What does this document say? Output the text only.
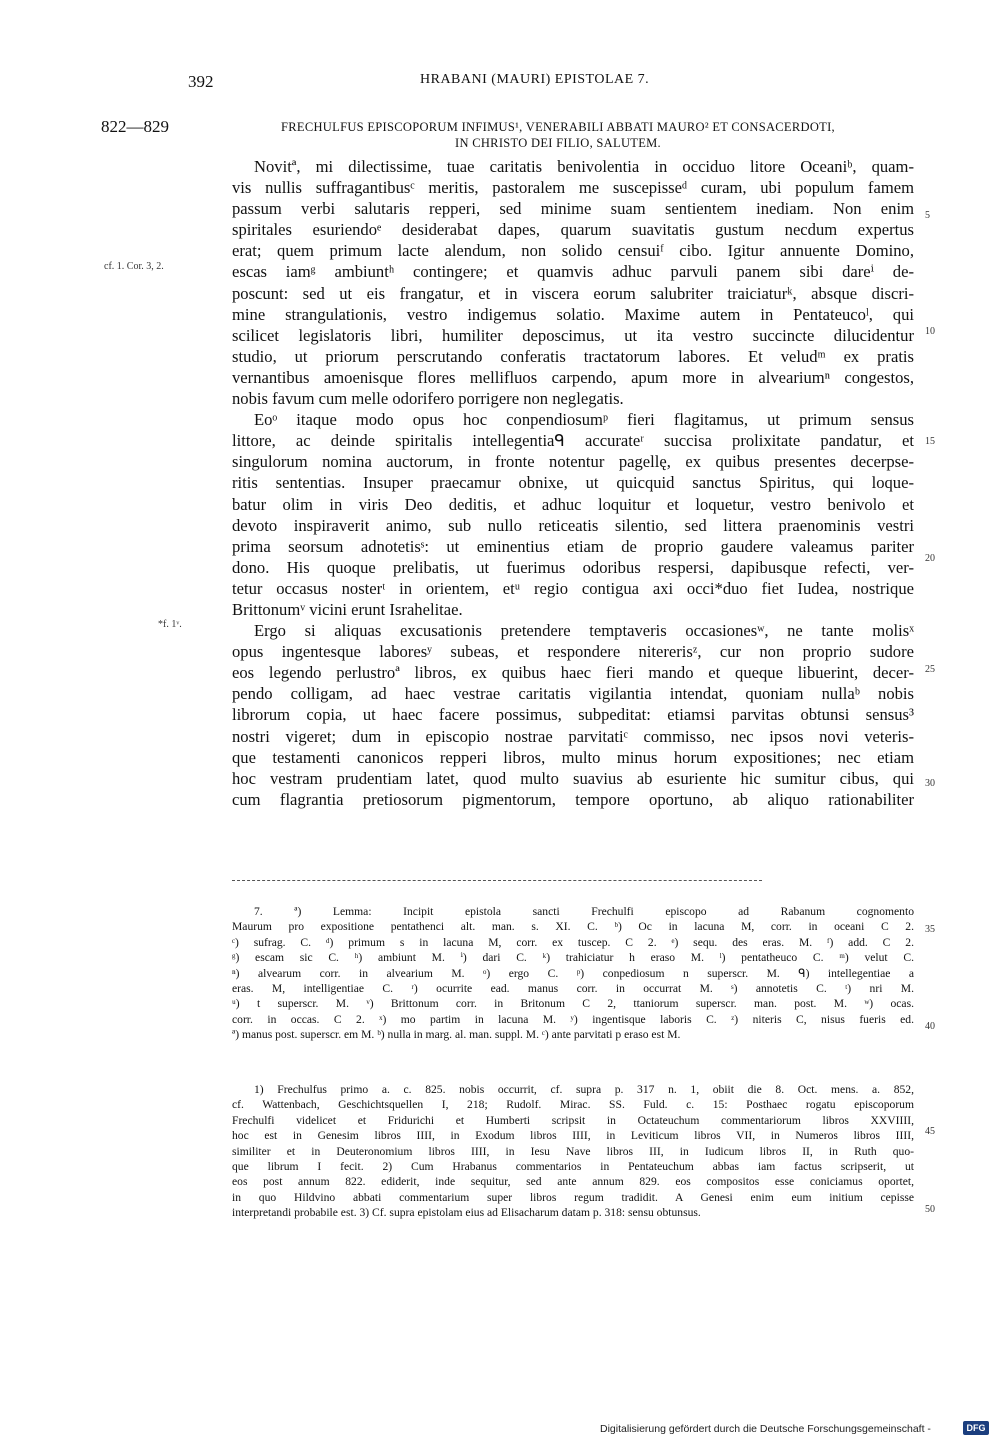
392	HRABANI (MAURI) EPISTOLAE 7.
822—829	FRECHULFUS EPISCOPORUM INFIMUS¹, VENERABILI ABBATI MAURO² ET CONSACERDOTI,
IN CHRISTO DEI FILIO, SALUTEM.
Novitª, mi dilectissime, tuae caritatis benivolentia in occiduo litore Oceaniᵇ, quam-
vis nullis suffragantibusᶜ meritis, pastoralem me suscepisseᵈ curam, ubi populum famem
passum verbi salutaris repperi, sed minime suam sentientem inediam. Non enim
spiritales esuriendoᵉ desiderabat dapes, quarum suavitatis gustum necdum expertus
erat; quem primum lacte alendum, non solido censuiᶠ cibo. Igitur annuente Domino,
escas iamᵍ ambiuntʰ contingere; et quamvis adhuc parvuli panem sibi dareⁱ de-
poscunt: sed ut eis frangatur, et in viscera eorum salubriter traiciaturᵏ, absque discri-
mine strangulationis, vestro indigemus solatio. Maxime autem in Pentateucoˡ, qui
scilicet legislatoris libri, humiliter deposcimus, ut ita vestro succincte dilucidentur
studio, ut priorum perscrutando conferatis tractatorum labores. Et veludᵐ ex pratis
vernantibus amoenisque flores mellifluos carpendo, apum more in alveariumⁿ congestos,
nobis favum cum melle odorifero porrigere non neglegatis.
Eoᵒ itaque modo opus hoc conpendiosumᵖ fieri flagitamus, ut primum sensus
littore, ac deinde spiritalis intellegentiaᑫ accurateʳ succisa prolixitate pandatur, et
singulorum nomina auctorum, in fronte notentur pagellę, ex quibus presentes decerpse-
ritis sententias. Insuper praecamur obnixe, ut quicquid sanctus Spiritus, qui loque-
batur olim in viris Deo deditis, et adhuc loquitur et loquetur, vestro benivolo et
devoto inspiraverit animo, sub nullo reticeatis silentio, sed littera praenominis vestri
prima seorsum adnotetisˢ: ut eminentius etiam de proprio gaudere valeamus pariter
dono. His quoque prelibatis, ut fuerimus odoribus respersi, dapibusque refecti, ver-
tetur occasus nosterᵗ in orientem, etᵘ regio contigua axi occi*duo fiet Iudea, nostrique
Brittonumᵛ vicini erunt Israhelitae.
Ergo si aliquas excusationis pretendere temptaveris occasionesʷ, ne tante molisˣ
opus ingentesque laboresʸ subeas, et respondere nitererisᶻ, cur non proprio sudore
eos legendo perlustroª libros, ex quibus haec fieri mando et queque libuerint, decer-
pendo colligam, ad haec vestrae caritatis vigilantia intendat, quoniam nullaᵇ nobis
librorum copia, ut haec facere possimus, subpeditat: etiamsi parvitas obtunsi sensus³
nostri vigeret; dum in episcopio nostrae parvitatiᶜ commisso, nec ipsos novi veteris-
que testamenti canonicos repperi libros, multo minus horum expositiones; nec etiam
hoc vestram prudentiam latet, quod multo suavius ab esuriente hic sumitur cibus, qui
cum flagrantia pretiosorum pigmentorum, tempore oportuno, ab aliquo rationabiliter
cf. 1. Cor. 3, 2.
*f. 1ᵛ.
5
10
15
20
25
30
7. ª) Lemma: Incipit epistola sancti Frechulfi episcopo ad Rabanum cognomento
Maurum pro expositione pentathenci alt. man. s. XI. C. ᵇ) Oc in lacuna M, corr. in oceani C 2.
ᶜ) sufrag. C. ᵈ) primum s in lacuna M, corr. ex tuscep. C 2. ᵉ) sequ. des eras. M. ᶠ) add. C 2.
ᵍ) escam sic C. ʰ) ambiunt M. ⁱ) dari C. ᵏ) trahiciatur h eraso M. ˡ) pentatheuco C. ᵐ) velut C.
ⁿ) alvearum corr. in alvearium M. ᵒ) ergo C. ᵖ) conpediosum n superscr. M. ᑫ) intellegentiae a
eras. M, intelligentiae C. ʳ) ocurrite ead. manus corr. in occurrat M. ˢ) annotetis C. ᵗ) nri M.
ᵘ) t superscr. M. ᵛ) Brittonum corr. in Britonum C 2, ttaniorum superscr. man. post. M. ʷ) ocas.
corr. in occas. C 2. ˣ) mo partim in lacuna M. ʸ) ingentisque laboris C. ᶻ) niteris C, nisus fueris ed.
ª) manus post. superscr. em M. ᵇ) nulla in marg. al. man. suppl. M. ᶜ) ante parvitati p eraso est M.
35
40
1) Frechulfus primo a. c. 825. nobis occurrit, cf. supra p. 317 n. 1, obiit die 8. Oct. mens. a. 852,
cf. Wattenbach, Geschichtsquellen I, 218; Rudolf. Mirac. SS. Fuld. c. 15: Posthaec rogatu episcoporum
Frechulfi videlicet et Fridurichi et Humberti scripsit in Octateuchum commentariorum libros XXVIIII,
hoc est in Genesim libros IIII, in Exodum libros IIII, in Leviticum libros VII, in Numeros libros IIII,
similiter et in Deuteronomium libros IIII, in Iesu Nave libros III, in Iudicum libros II, in Ruth quo-
que librum I fecit. 2) Cum Hrabanus commentarios in Pentateuchum abbas iam factus scripserit, ut
eos post annum 822. ediderit, inde sequitur, sed ante annum 829. eos compositos esse coniciamus oportet,
in quo Hildvino abbati commentarium super libros regum tradidit. A Genesi enim eum initium cepisse
interpretandi probabile est. 3) Cf. supra epistolam eius ad Elisacharum datam p. 318: sensu obtunsus.
45
50
Digitalisierung gefördert durch die Deutsche Forschungsgemeinschaft -	DFG
